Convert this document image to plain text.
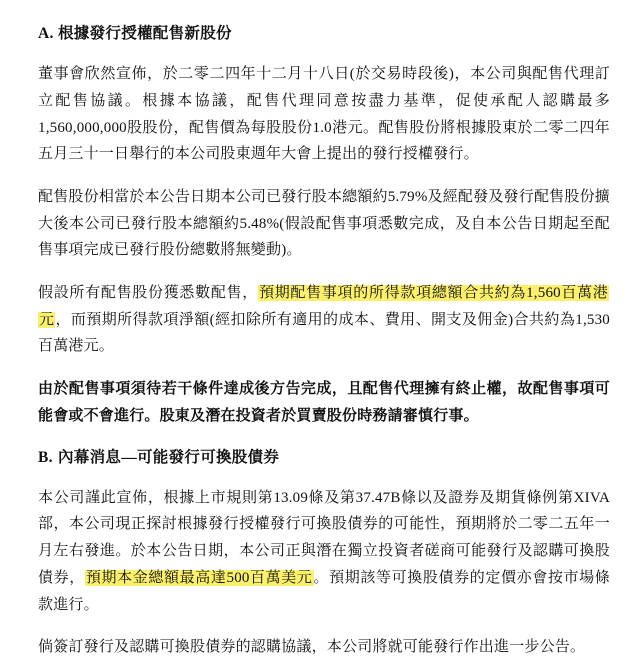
A. 根據發行授權配售新股份

董事會欣然宣佈，於二零二四年十二月十八日(於交易時段後)，本公司與配售代理訂立配售協議。根據本協議，配售代理同意按盡力基準，促使承配人認購最多1,560,000,000股股份，配售價為每股股份1.0港元。配售股份將根據股東於二零二四年五月三十一日舉行的本公司股東週年大會上提出的發行授權發行。

配售股份相當於本公告日期本公司已發行股本總額約5.79%及經配發及發行配售股份擴大後本公司已發行股本總額約5.48%(假設配售事項悉數完成，及自本公告日期起至配售事項完成已發行股份總數將無變動)。

假設所有配售股份獲悉數配售，預期配售事項的所得款項總額合共約為1,560百萬港元，而預期所得款項淨額(經扣除所有適用的成本、費用、開支及佣金)合共約為1,530百萬港元。

由於配售事項須待若干條件達成後方告完成，且配售代理擁有終止權，故配售事項可能會或不會進行。股東及潛在投資者於買賣股份時務請審慎行事。

B. 內幕消息—可能發行可換股債券

本公司謹此宣佈，根據上市規則第13.09條及第37.47B條以及證券及期貨條例第XIVA部，本公司現正探討根據發行授權發行可換股債券的可能性，預期將於二零二五年一月左右發進。於本公告日期，本公司正與潛在獨立投資者磋商可能發行及認購可換股債券，預期本金總額最高達500百萬美元。預期該等可換股債券的定價亦會按市場條款進行。

倘簽訂發行及認購可換股債券的認購協議，本公司將就可能發行作出進一步公告。
